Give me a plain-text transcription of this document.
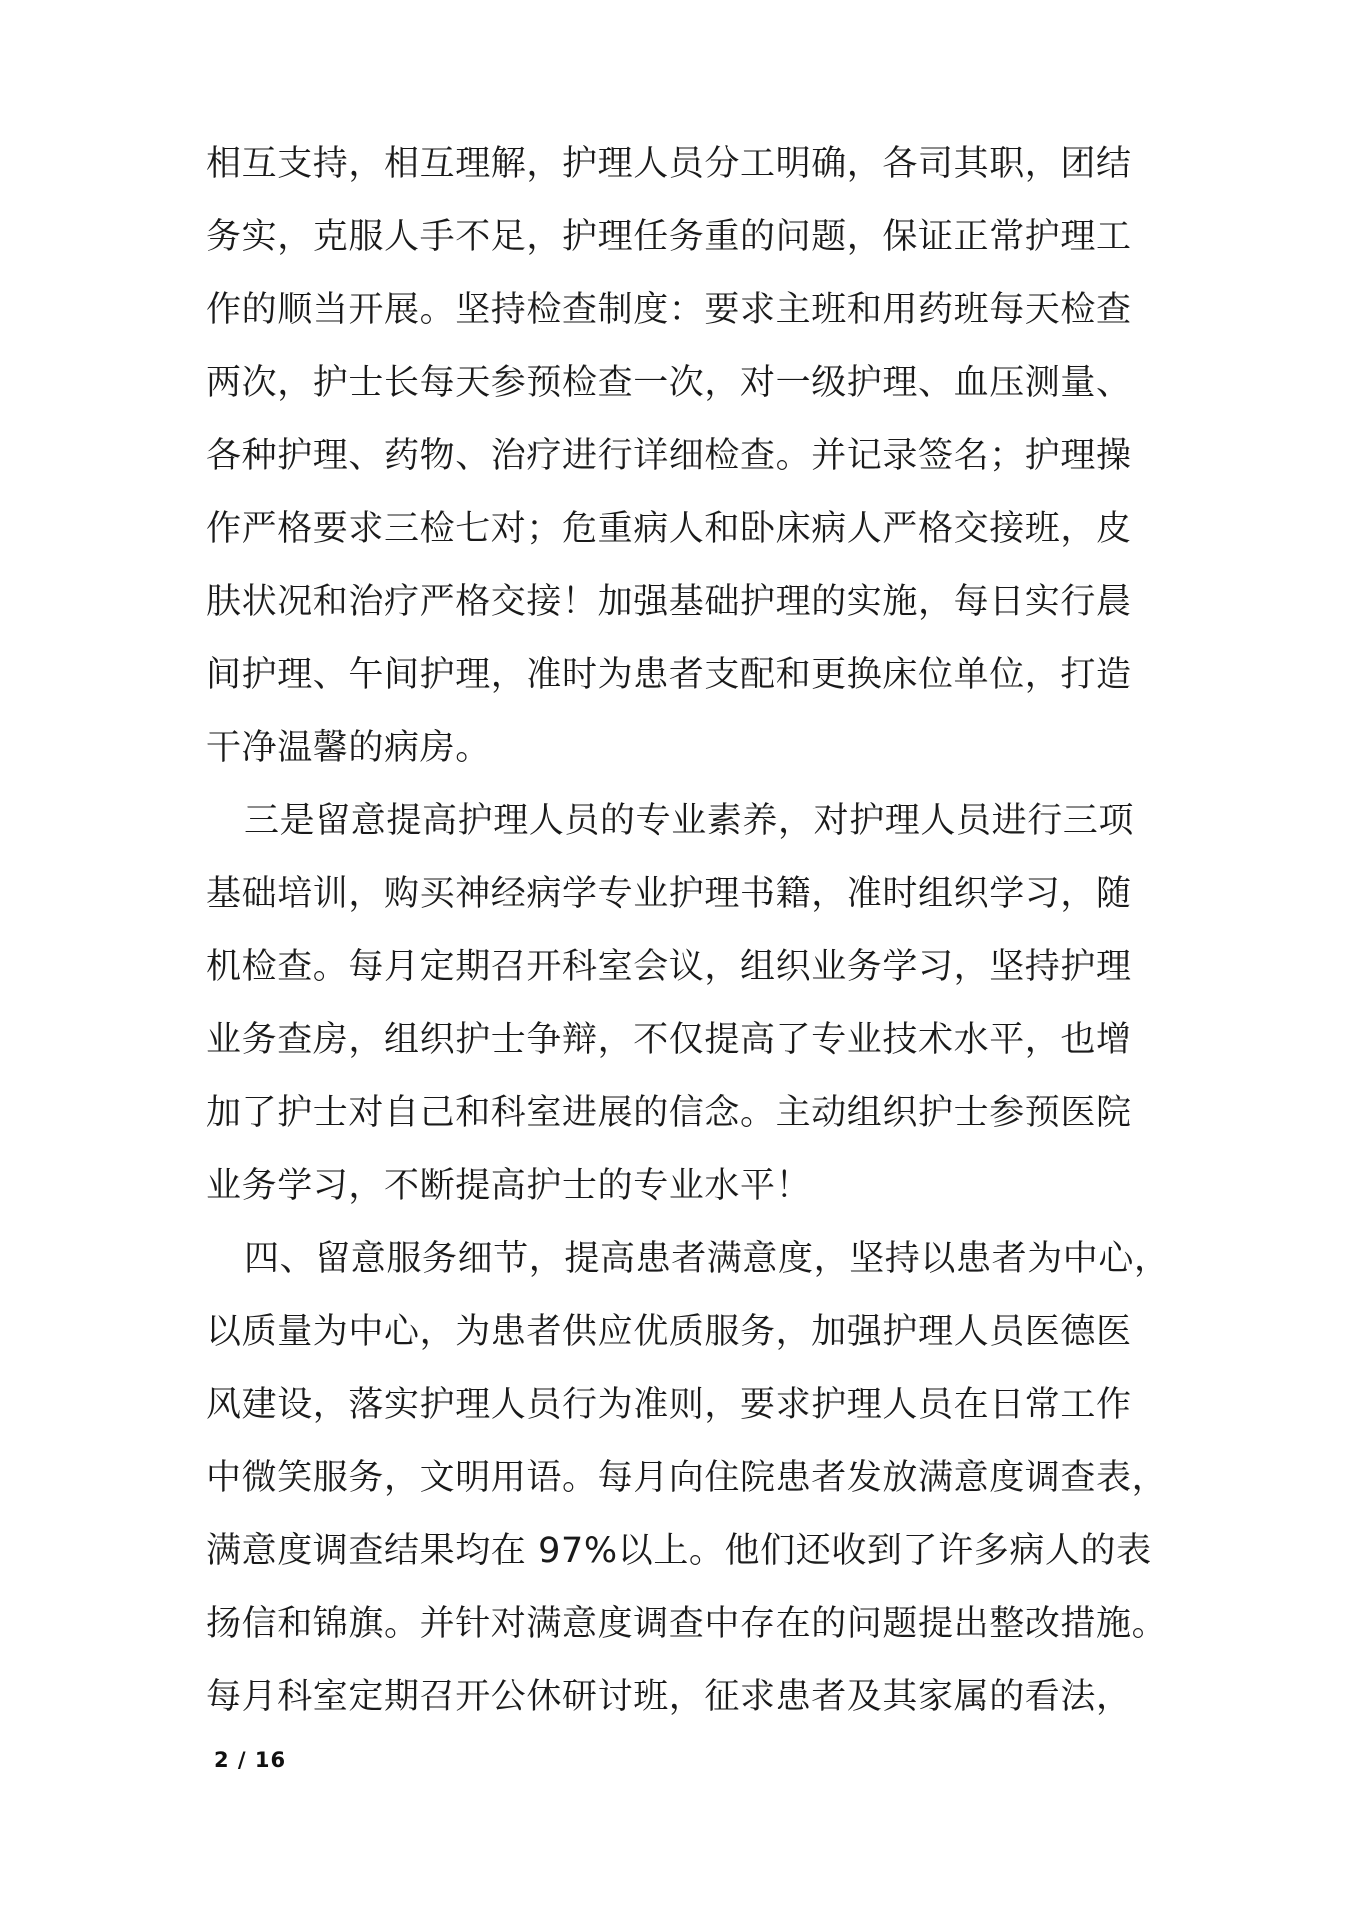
相互支持，相互理解，护理人员分工明确，各司其职，团结
务实，克服人手不足，护理任务重的问题，保证正常护理工
作的顺当开展。坚持检查制度：要求主班和用药班每天检查
两次，护士长每天参预检查一次，对一级护理、血压测量、
各种护理、药物、治疗进行详细检查。并记录签名；护理操
作严格要求三检七对；危重病人和卧床病人严格交接班，皮
肤状况和治疗严格交接！加强基础护理的实施，每日实行晨
间护理、午间护理，准时为患者支配和更换床位单位，打造
干净温馨的病房。
三是留意提高护理人员的专业素养，对护理人员进行三项
基础培训，购买神经病学专业护理书籍，准时组织学习，随
机检查。每月定期召开科室会议，组织业务学习，坚持护理
业务查房，组织护士争辩，不仅提高了专业技术水平，也增
加了护士对自己和科室进展的信念。主动组织护士参预医院
业务学习，不断提高护士的专业水平！
四、留意服务细节，提高患者满意度，坚持以患者为中心，
以质量为中心，为患者供应优质服务，加强护理人员医德医
风建设，落实护理人员行为准则，要求护理人员在日常工作
中微笑服务，文明用语。每月向住院患者发放满意度调查表，
满意度调查结果均在 97%以上。他们还收到了许多病人的表
扬信和锦旗。并针对满意度调查中存在的问题提出整改措施。
每月科室定期召开公休研讨班，征求患者及其家属的看法，
2 / 16
